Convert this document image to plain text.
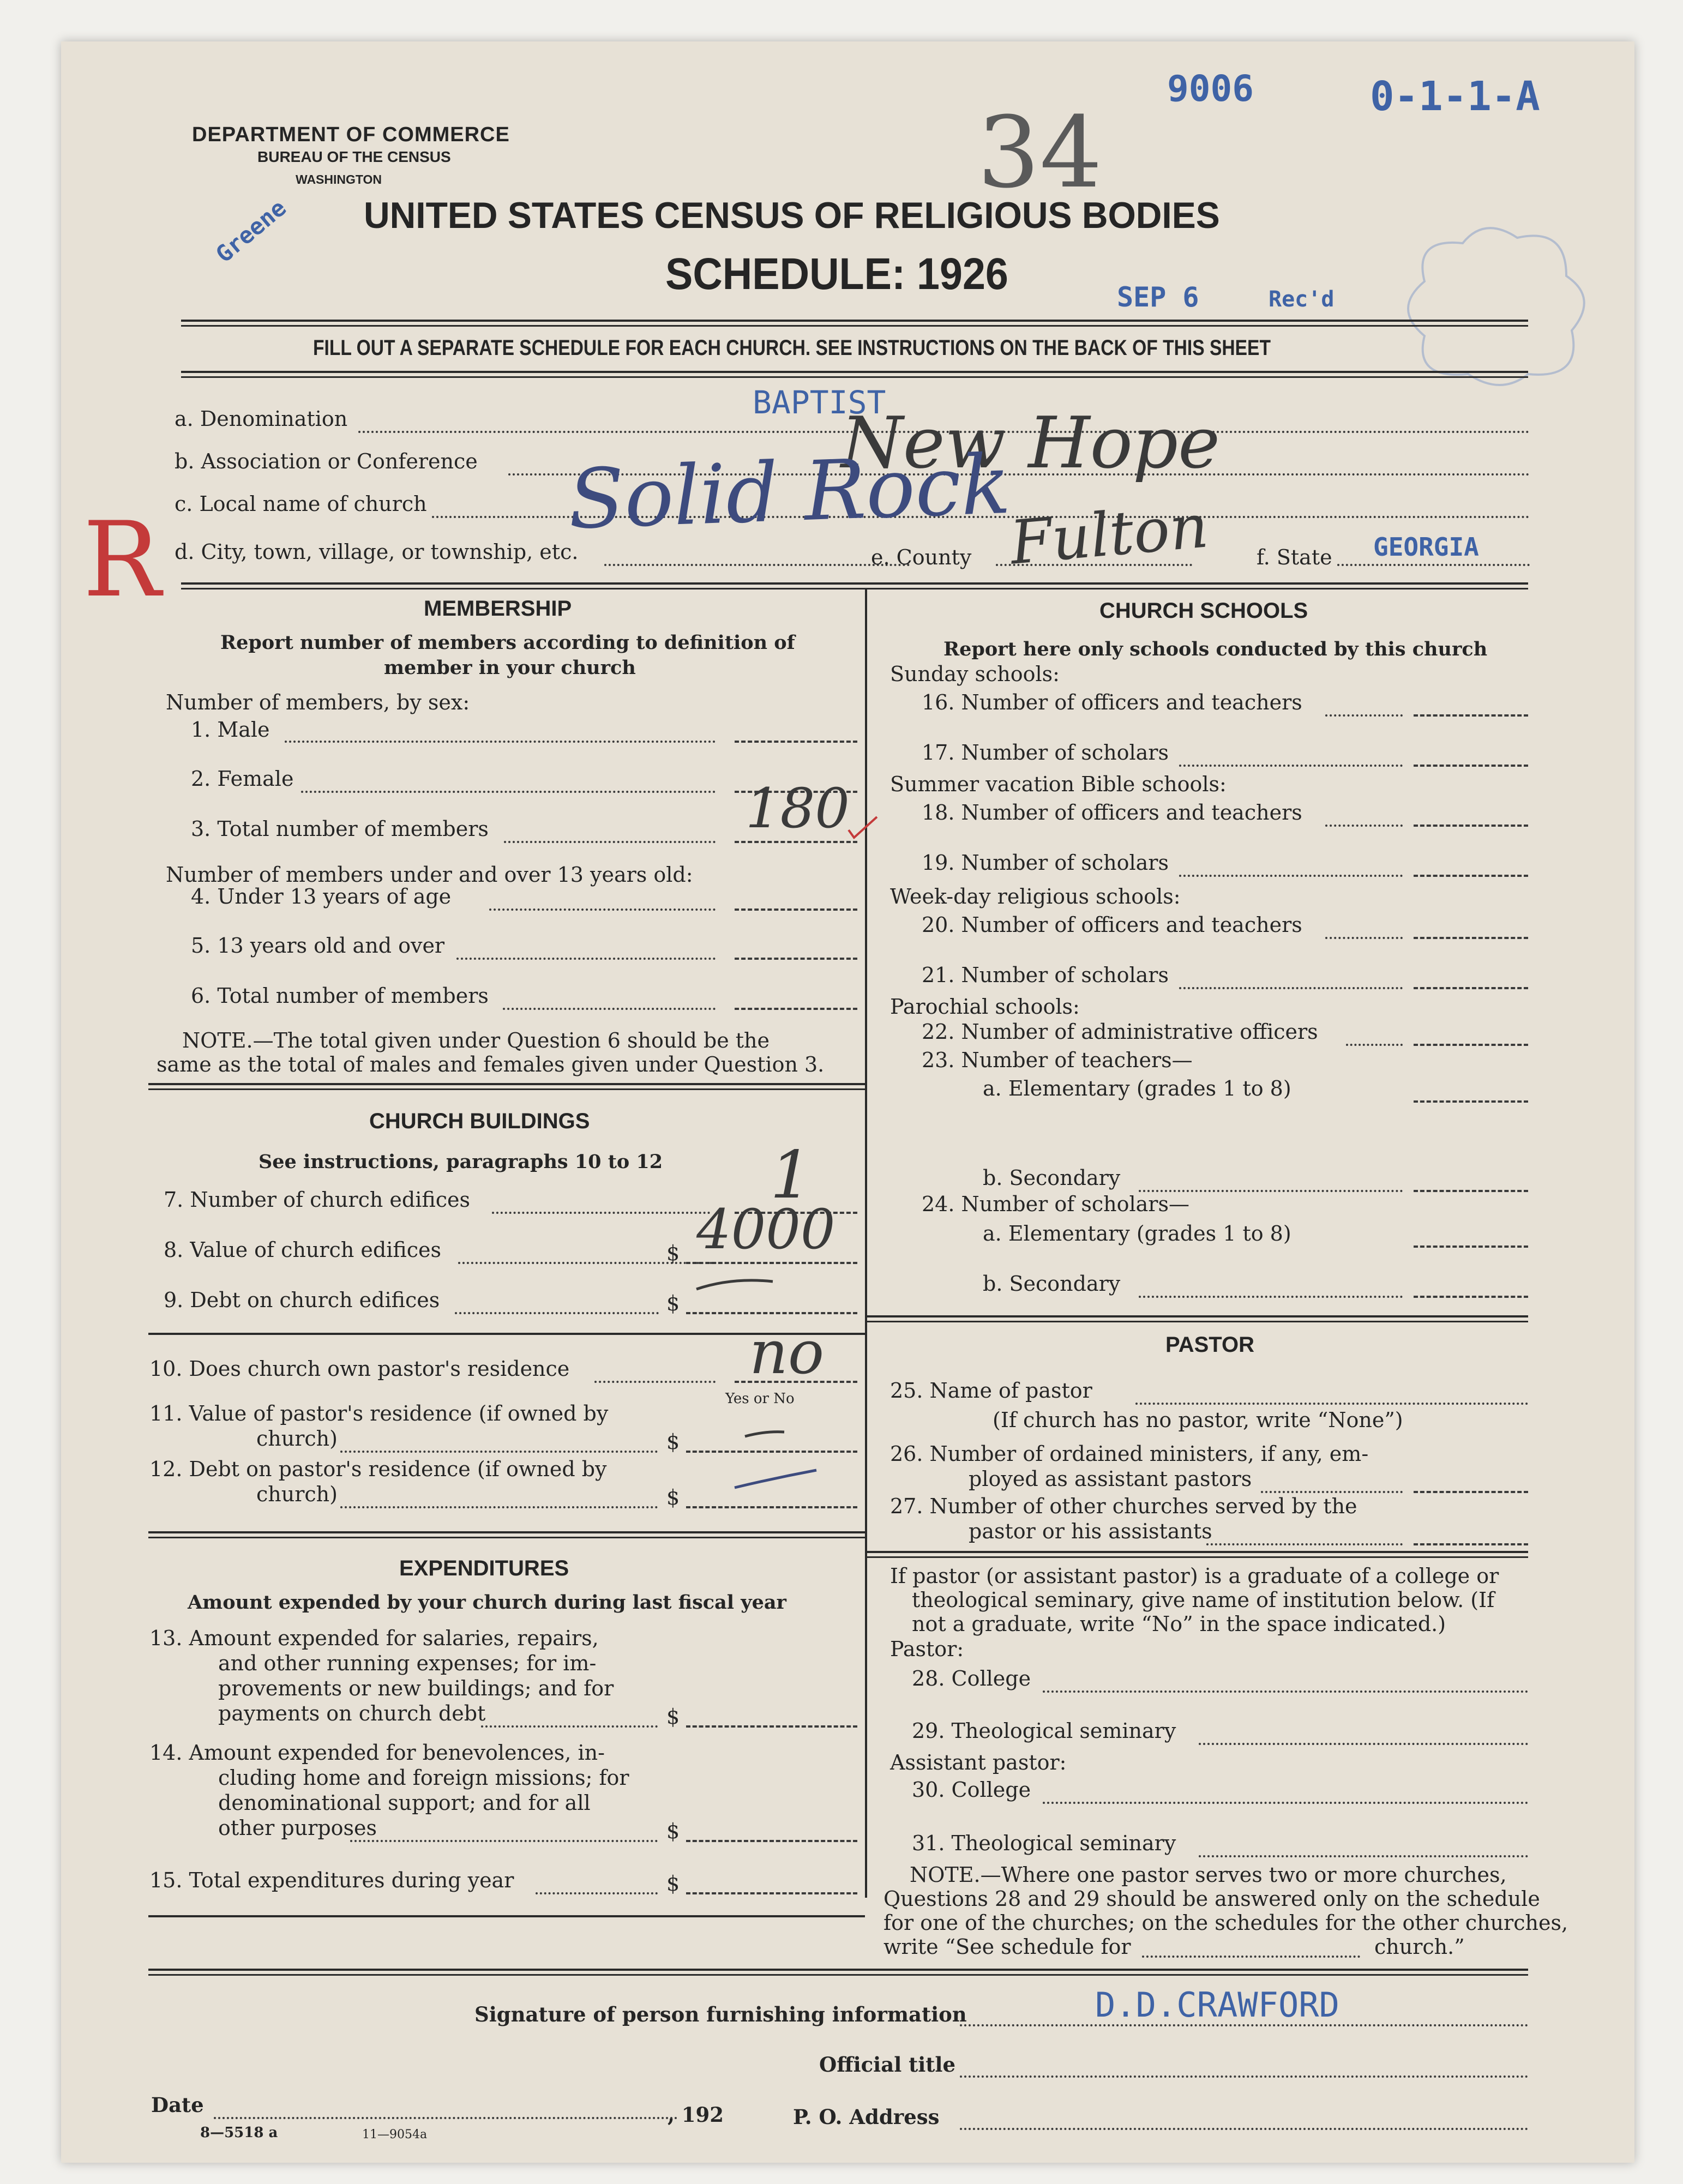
DEPARTMENT OF COMMERCE
BUREAU OF THE CENSUS
WASHINGTON
UNITED STATES CENSUS OF RELIGIOUS BODIES
SCHEDULE: 1926
9006	0-1-1-A
SEP 6	Rec'd
Greene
34
FILL OUT A SEPARATE SCHEDULE FOR EACH CHURCH. SEE INSTRUCTIONS ON THE BACK OF THIS SHEET
a. Denomination	BAPTIST
b. Association or Conference	New Hope
c. Local name of church Solid Rock
d. City, town, village, or township, etc.	e. County Fulton f. State GEORGIA
R	MEMBERSHIP
Report number of members according to definition of
member in your church
Number of members, by sex:
1. Male
2. Female
3. Total number of members	180
Number of members under and over 13 years old:
4. Under 13 years of age
5. 13 years old and over
6. Total number of members
NOTE.—The total given under Question 6 should be the
same as the total of males and females given under Question 3.
CHURCH BUILDINGS
See instructions, paragraphs 10 to 12
7. Number of church edifices	1
8. Value of church edifices	$ 4000
9. Debt on church edifices	$
10. Does church own pastor's residence	no
Yes or No
11. Value of pastor's residence (if owned by
church)	$
12. Debt on pastor's residence (if owned by
church)	$
EXPENDITURES
Amount expended by your church during last fiscal year
13. Amount expended for salaries, repairs,
and other running expenses; for im-
provements or new buildings; and for
payments on church debt	$
14. Amount expended for benevolences, in-
cluding home and foreign missions; for
denominational support; and for all
other purposes	$
15. Total expenditures during year	$
CHURCH SCHOOLS
Report here only schools conducted by this church
Sunday schools:
16. Number of officers and teachers
17. Number of scholars
Summer vacation Bible schools:
18. Number of officers and teachers
19. Number of scholars
Week-day religious schools:
20. Number of officers and teachers
21. Number of scholars
Parochial schools:
22. Number of administrative officers
23. Number of teachers—
a. Elementary (grades 1 to 8)
b. Secondary
24. Number of scholars—
a. Elementary (grades 1 to 8)
b. Secondary
PASTOR
25. Name of pastor
(If church has no pastor, write “None”)
26. Number of ordained ministers, if any, em-
ployed as assistant pastors
27. Number of other churches served by the
pastor or his assistants
If pastor (or assistant pastor) is a graduate of a college or
theological seminary, give name of institution below. (If
not a graduate, write “No” in the space indicated.)
Pastor:
28. College
29. Theological seminary
Assistant pastor:
30. College
31. Theological seminary
NOTE.—Where one pastor serves two or more churches,
Questions 28 and 29 should be answered only on the schedule
for one of the churches; on the schedules for the other churches,
write “See schedule for	church.”
Signature of person furnishing information	D.D.CRAWFORD
Official title
Date	, 192	P. O. Address
8—5518 a	11—9054a
